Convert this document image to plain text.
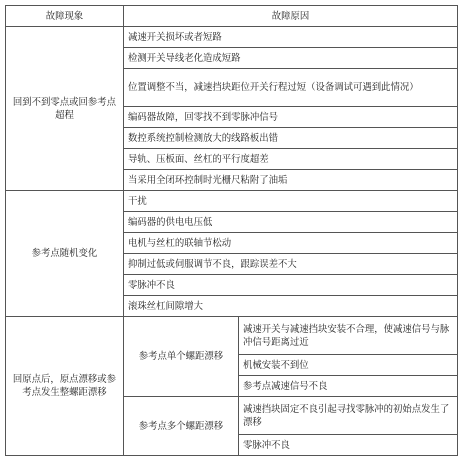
故障现象	故障原因	
回到不到零点或回参考点超程	减速开关损坏或者短路	
	检测开关导线老化造成短路	
	位置调整不当，减速挡块距位开关行程过短（设备调试可遇到此情况）	
	编码器故障，回零找不到零脉冲信号	
	数控系统控制检测放大的线路板出错	
	导轨、压板面、丝杠的平行度超差	
	当采用全闭环控制时光栅尺粘附了油垢	
参考点随机变化	干扰	
	编码器的供电电压低	
	电机与丝杠的联轴节松动	
	抑制过低或伺服调节不良，跟踪误差不大	
	零脉冲不良	
	滚珠丝杠间隙增大	
回原点后，原点漂移或参考点发生整螺距漂移	参考点单个螺距漂移	减速开关与减速挡块安装不合理，使减速信号与脉冲信号距离过近
		机械安装不到位
		参考点减速信号不良
	参考点多个螺距漂移	减速挡块固定不良引起寻找零脉冲的初始点发生了漂移
		零脉冲不良
